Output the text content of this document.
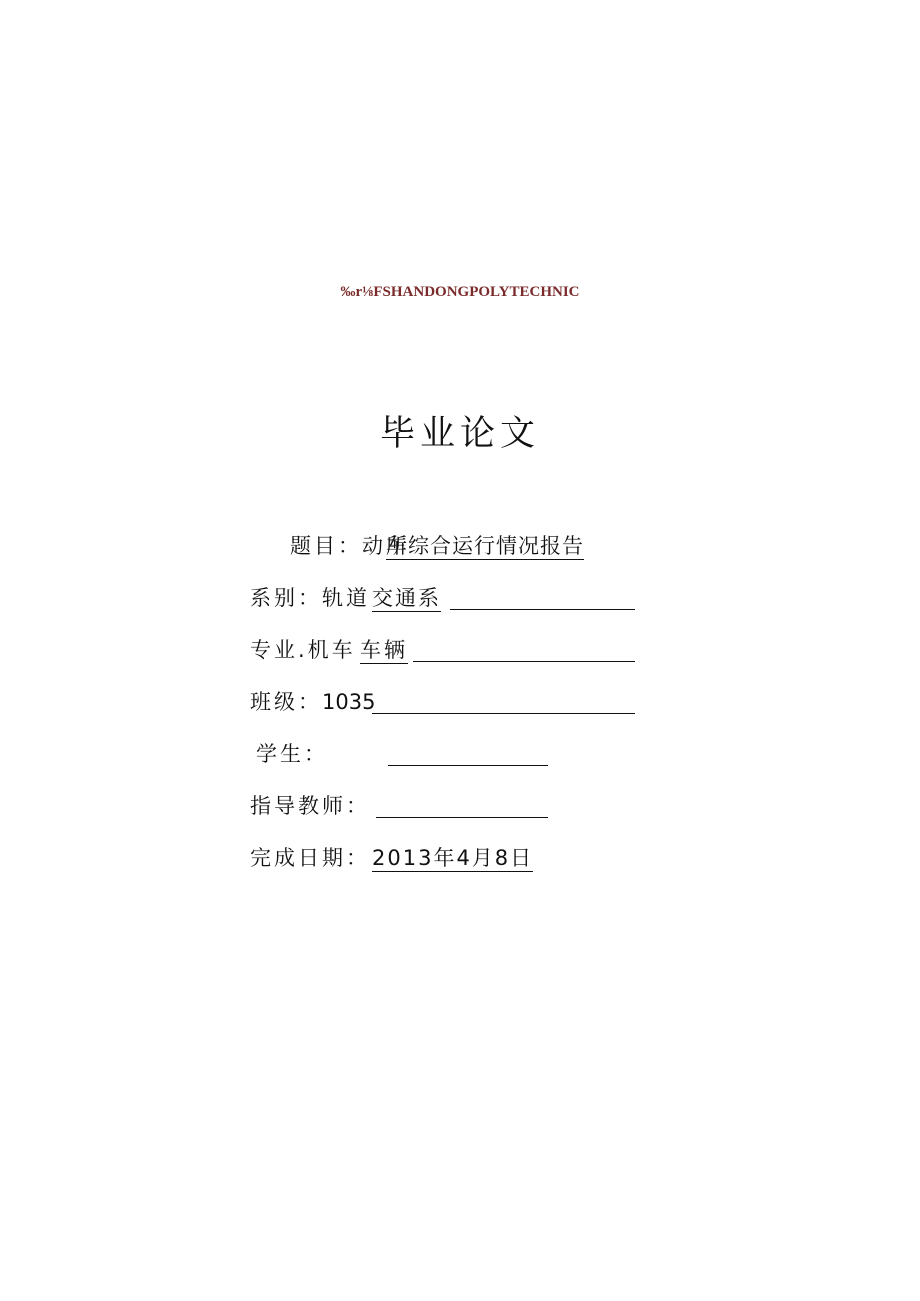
‰r⅛FSHANDONGPOLYTECHNIC
毕业论文
题目：动车
所综合运行情况报告
系别：轨道 交通系
专业.机车 车辆
班级： 1035
学生：
指导教师：
完成日期： 2013年4月8日
